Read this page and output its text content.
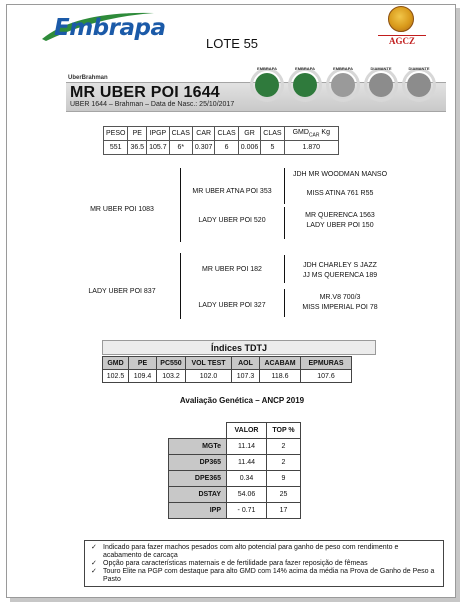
Embrapa
LOTE 55	AGCZ
UberBrahman
MR UBER POI 1644
UBER 1644 – Brahman – Data de Nasc.: 25/10/2017
EMBRAPA	EMBRAPA	EMBRAPA	DIAMANTE	DIAMANTE
PESO	PE	IPGP	CLAS	CAR	CLAS	GR	CLAS	$GMD_{CAR}$ Kg
551	36.5	105.7	6*	0.307	6	0.006	5	1.870
MR UBER POI 1083
LADY UBER POI 837
MR UBER ATNA POI 353
LADY UBER POI 520
MR UBER POI 182
LADY UBER POI 327
JDH MR WOODMAN MANSO
MISS ATINA 761 R55
MR QUERENCA 1563
LADY UBER POI 150
JDH CHARLEY S JAZZ
JJ MS QUERENCA 189
MR.V8 700/3
MISS IMPERIAL POI 78
Índices TDTJ
GMD	PE	PC550	VOL TEST	AOL	ACABAM	EPMURAS
102.5	109.4	103.2	102.0	107.3	118.6	107.6
Avaliação Genética – ANCP 2019
	VALOR	TOP %
MGTe	11.14	2
DP365	11.44	2
DPE365	0.34	9
DSTAY	54.06	25
IPP	- 0.71	17
✓ Indicado para fazer machos pesados com alto potencial para ganho de peso com rendimento e acabamento de carcaça
✓ Opção para características maternais e de fertilidade para fazer reposição de fêmeas
✓ Touro Elite na PGP com destaque para alto GMD com 14% acima da média na Prova de Ganho de Peso a Pasto
